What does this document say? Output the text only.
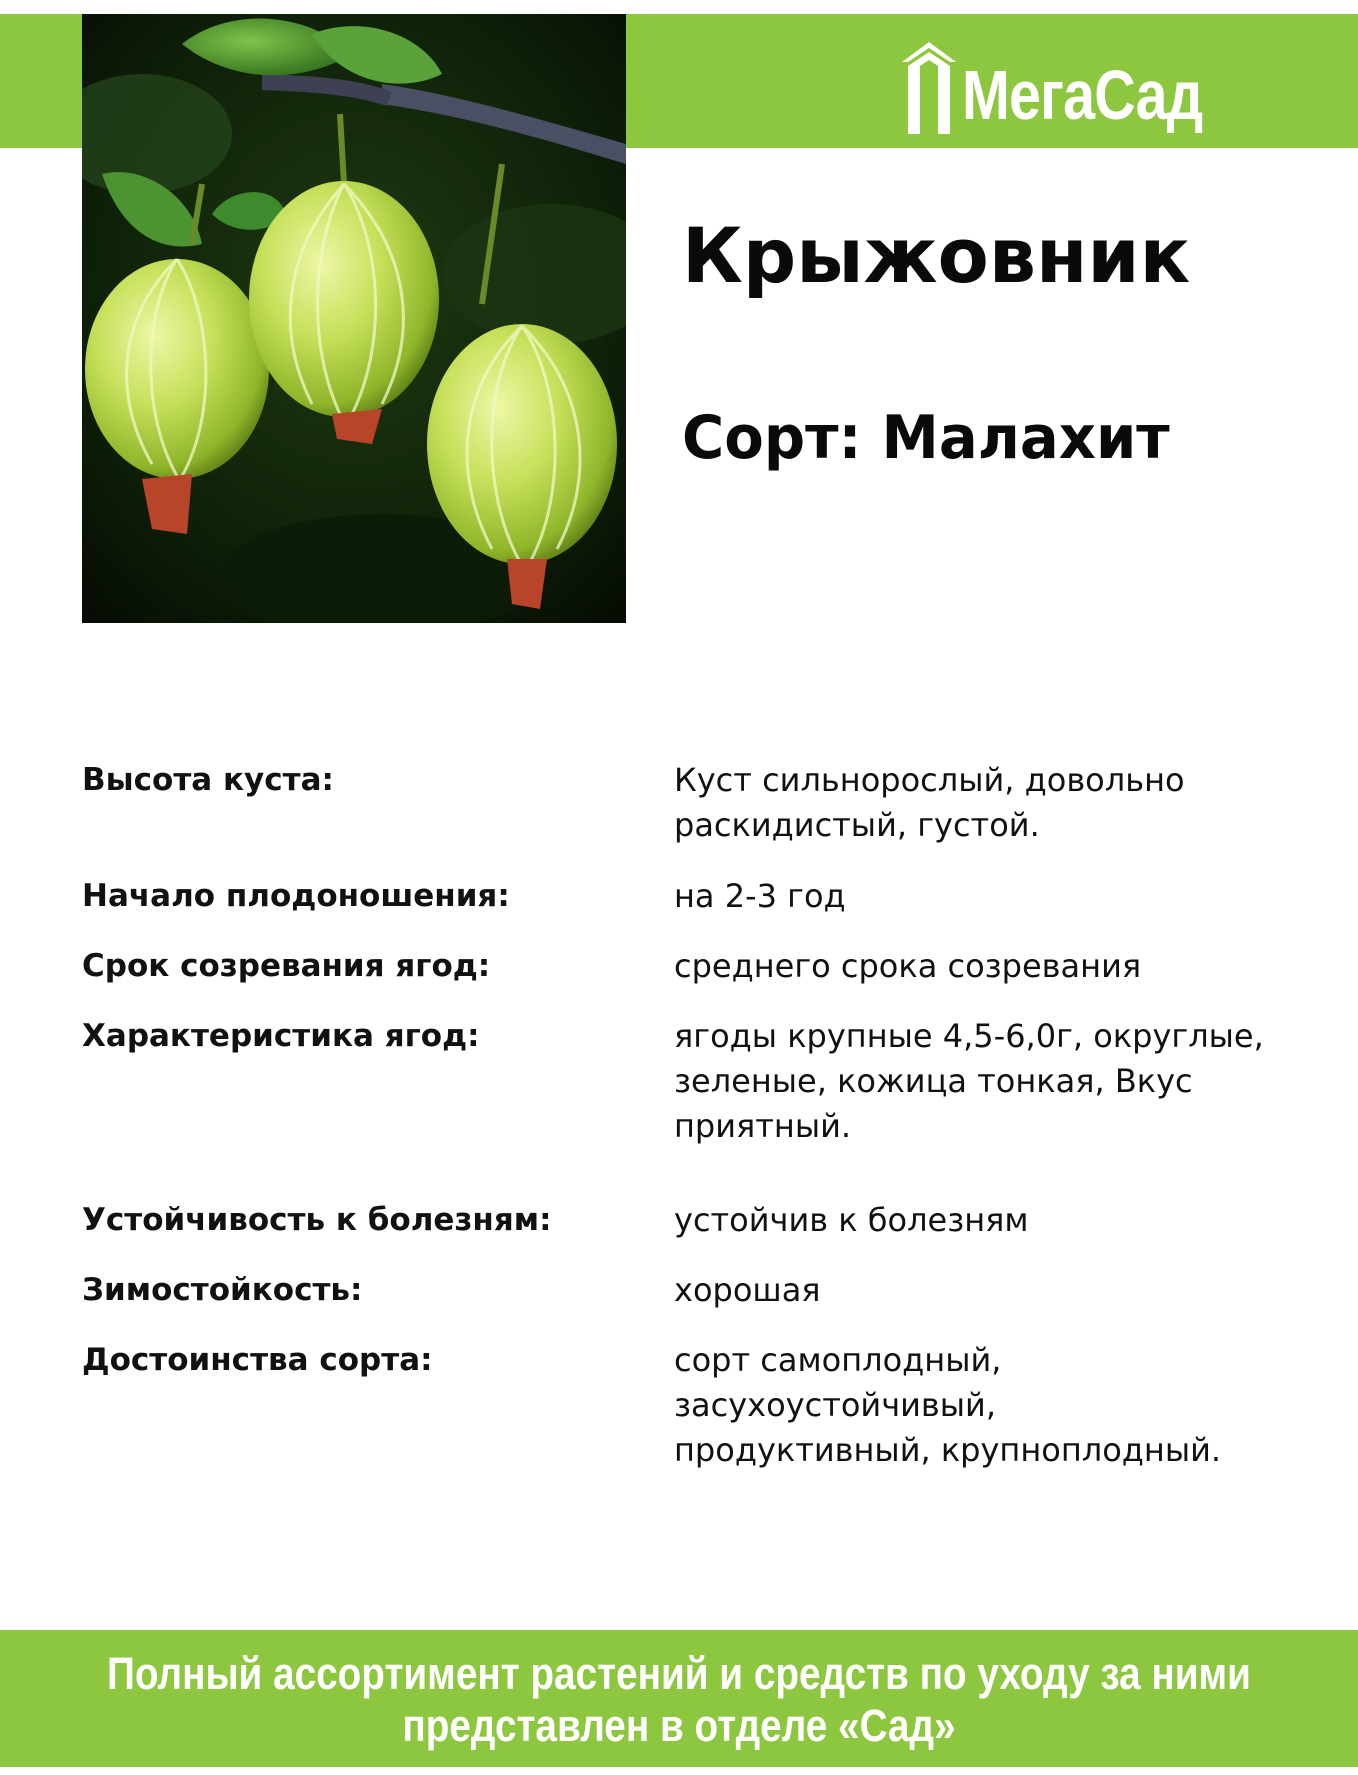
МегаСад
Крыжовник
Сорт: Малахит
Высота куста:	Куст сильнорослый, довольно
раскидистый, густой.
Начало плодоношения:	на 2-3 год
Срок созревания ягод:	среднего срока созревания
Характеристика ягод:	ягоды крупные 4,5-6,0г, округлые,
зеленые, кожица тонкая, Вкус
приятный.
Устойчивость к болезням:	устойчив к болезням
Зимостойкость:	хорошая
Достоинства сорта:	сорт самоплодный,
засухоустойчивый,
продуктивный, крупноплодный.
Полный ассортимент растений и средств по уходу за ними
представлен в отделе «Сад»
